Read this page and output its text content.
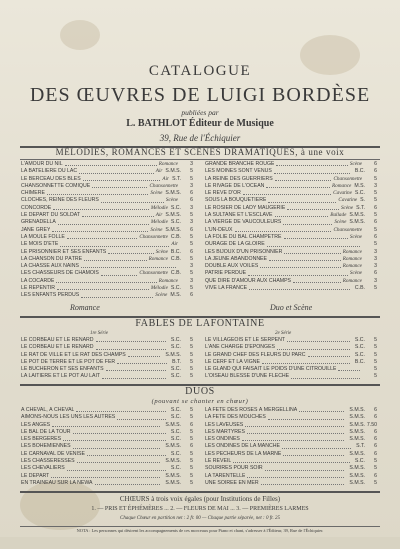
CATALOGUE
DES ŒUVRES DE LUIGI BORDÈSE
publiées par
L. BATHLOT Éditeur de Musique
39, Rue de l'Échiquier
MÉLODIES, ROMANCES ET SCÈNES DRAMATIQUES, à une voix
L'AMOUR DU NIL	Romance	3
LA BATELIÈRE DU LAC	Air S.M.S.	5
LE BERCEAU DES BLÉS	Air S.T.	5
CHANSONNETTE COMIQUE	Chansonnette	3
CHIMÈRE	Scène S.M.S.	6
CLOCHES, REINE DES FLEURS	Scène	6
CONCORDE	Mélodie S.C.	3
LE DÉPART DU SOLDAT	Air S.M.S.	5
GRENADELLA	Mélodie S.C.	3
JANE GREY	Scène S.M.S.	6
LA MOULE FOLLE	Chansonnette C.B.	5
LE MOIS D'ÉTÉ	Air	5
LE PRISONNIER ET SES ENFANTS	Scène B.C.	6
LA CHANSON DU PÂTRE	Romance C.B.	5
LA CHASSE AUX NAINS	3
LES CHASSEURS DE CHAMOIS	Chansonnette C.B.	5
LA COCARDE	Romance	3
LE REPENTIR	Mélodie S.C.	5
LES ENFANTS PERDUS	Scène M.S.	6
GRANDE BRANCHE ROUGE	Scène	6
LES MOINES SONT VENUS	B.C.	6
LA REINE DES GUERRIERS	Chansonnette	5
LE RIVAGE DE L'OCÉAN	Romance M.S.	3
LE RÊVE D'OR	Cavatine S.C.	5
SOUS LA BOUQUETIÈRE	Cavatine S.	5
LE ROSIER DE LADY MAUGERIE	Scène S.T.	6
LA SULTANE ET L'ESCLAVE	Ballade S.M.S.	5
LA VIERGE DE VAUCOULEURS	Scène S.M.S.	6
L'UN-DEUX	Chansonnette	5
LA FOLIE DU BAL CHAMPÊTRE	Scène	6
OURAGE DE LA GLOIRE	5
LES BIJOUX D'UN PRISONNIER	Romance	3
LA JEUNE ABANDONNÉE	Romance	3
DOUBLE AUX VOILES	Romance	3
PATRIE PERDUE	Scène	6
QUE DIRE D'AMOUR AUX CHAMPS	Romance	3
VIVE LA FRANCE	C.B.	5
Romance	Duo et Scène
FABLES DE LAFONTAINE
1re Série	2e Série
LE CORBEAU ET LE RENARD	S.C.	5
LE CORBEAU ET LE RENARD	S.C.	5
LE RAT DE VILLE ET LE RAT DES CHAMPS	S.M.S.	5
LE POT DE TERRE ET LE POT DE FER	B.T.	5
LE BÛCHERON ET SES ENFANTS	S.C.	5
LA LAITIÈRE ET LE POT AU LAIT	S.C.	5
LE VILLAGEOIS ET LE SERPENT	S.C.	5
L'ÂNE CHARGÉ D'ÉPONGES	S.C.	5
LE GRAND CHEF DES FLEURS DU PARC	S.C.	5
LE CERF ET LA VIGNE	B.C.	5
LE GLAND QUI FAISAIT LE POIDS D'UNE CITROUILLE	5
L'OISEAU BLESSÉ D'UNE FLÈCHE	5
DUOS
(pouvant se chanter en chœur)
À CHEVAL, À CHEVAL	S.C.	5
AIMONS-NOUS LES UNS LES AUTRES	S.C.	5
LES ANGES	S.M.S.	6
LE BAL DE LA TOUR	S.C.	5
LES BERGÈRES	S.C.	5
LES BOHÉMIENNES	S.M.S.	6
LE CARNAVAL DE VENISE	S.C.	5
LES CHASSERESSES	S.M.S.	5
LES CHEVALIERS	S.C.	5
LE DÉPART	S.M.S.	5
EN TRAINEAU SUR LA NEWA	S.M.S.	5
LA FÊTE DES ROSES À MERGELLINA	S.M.S.	6
LA FÊTE DES MOUCHES	S.M.S.	6
LES LAVEUSES	S.M.S. 7.50
LES MARTYRES	S.M.S.	6
LES ONDINES	S.M.S.	6
LES ONDINES DE LA MANCHE	S.T.	6
LES PÉCHEURS DE LA MARNE	S.M.S.	6
LE RÉVEIL	S.C.	5
SOURIRES POUR SOIR	S.M.S.	5
LA TARENTELLE	S.M.S.	6
UNE SOIRÉE EN MER	S.M.S.	5
CHŒURS à trois voix égales (pour Institutions de Filles)
1. — PRIS ET ÉPHÉMÈRES ... 2. — FLEURS DE MAI ... 3. — PREMIÈRES LARMES
Chaque Chœur en partition net : 2 fr. 00 — Chaque partie séparée, net : 0 fr. 25
NOTA : Les personnes qui désirent les accompagnements de ces morceaux pour Piano et chant, s'adresser à l'Éditeur, 39, Rue de l'Échiquier.
